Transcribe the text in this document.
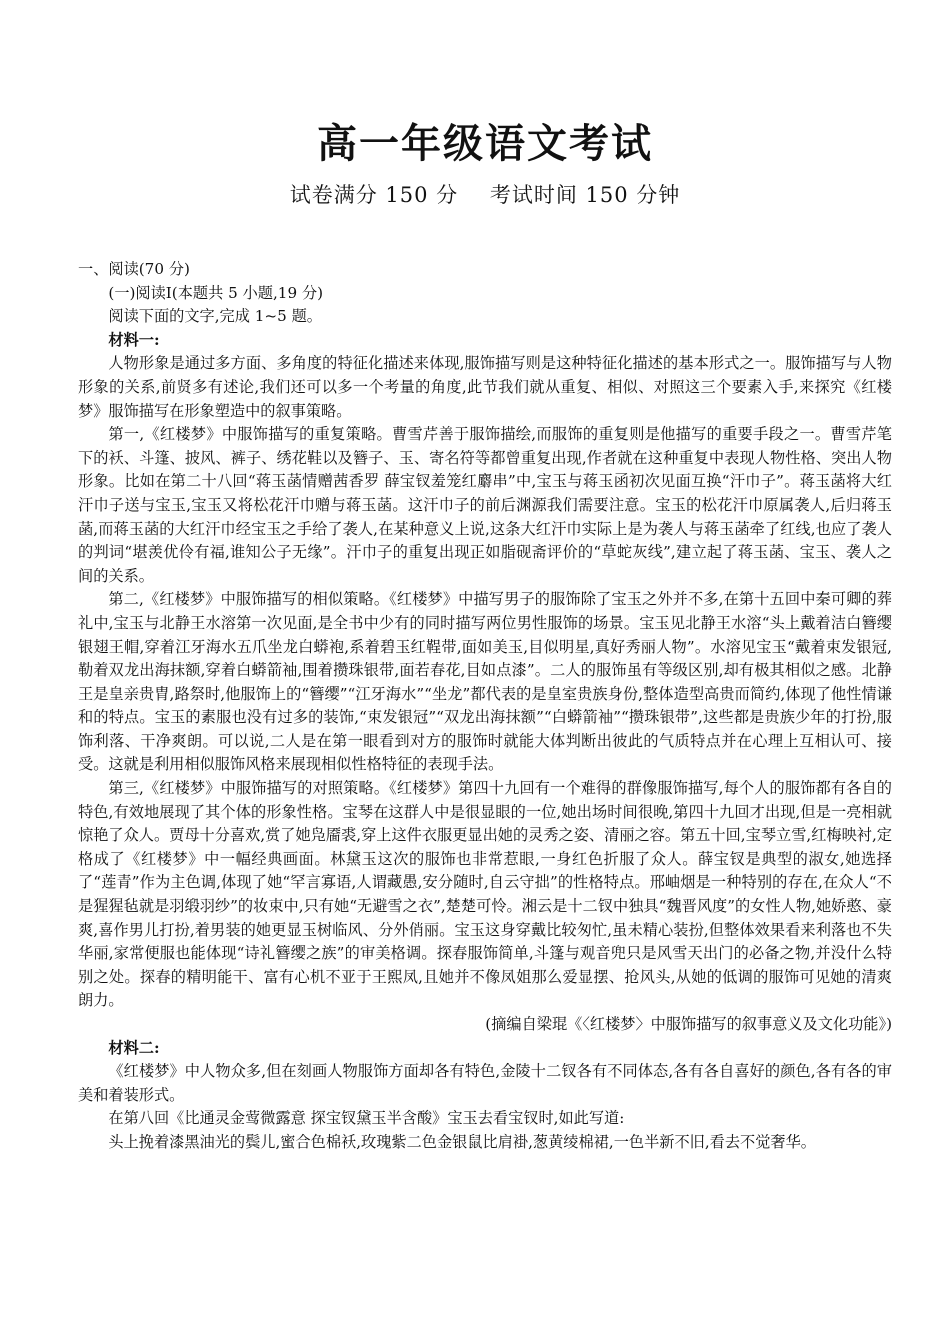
高一年级语文考试
试卷满分 150 分 考试时间 150 分钟

一、阅读(70 分)

(一)阅读Ⅰ(本题共 5 小题,19 分)

阅读下面的文字,完成 1~5 题。

材料一:

人物形象是通过多方面、多角度的特征化描述来体现,服饰描写则是这种特征化描述的基本形式之一。服饰描写与人物形象的关系,前贤多有述论,我们还可以多一个考量的角度,此节我们就从重复、相似、对照这三个要素入手,来探究《红楼梦》服饰描写在形象塑造中的叙事策略。

第一,《红楼梦》中服饰描写的重复策略。曹雪芹善于服饰描绘,而服饰的重复则是他描写的重要手段之一。曹雪芹笔下的袄、斗篷、披风、裤子、绣花鞋以及簪子、玉、寄名符等都曾重复出现,作者就在这种重复中表现人物性格、突出人物形象。比如在第二十八回“蒋玉菡情赠茜香罗 薛宝钗羞笼红麝串”中,宝玉与蒋玉函初次见面互换“汗巾子”。蒋玉菡将大红汗巾子送与宝玉,宝玉又将松花汗巾赠与蒋玉菡。这汗巾子的前后渊源我们需要注意。宝玉的松花汗巾原属袭人,后归蒋玉菡,而蒋玉菡的大红汗巾经宝玉之手给了袭人,在某种意义上说,这条大红汗巾实际上是为袭人与蒋玉菡牵了红线,也应了袭人的判词“堪羡优伶有福,谁知公子无缘”。汗巾子的重复出现正如脂砚斋评价的“草蛇灰线”,建立起了蒋玉菡、宝玉、袭人之间的关系。

第二,《红楼梦》中服饰描写的相似策略。《红楼梦》中描写男子的服饰除了宝玉之外并不多,在第十五回中秦可卿的葬礼中,宝玉与北静王水溶第一次见面,是全书中少有的同时描写两位男性服饰的场景。宝玉见北静王水溶“头上戴着洁白簪缨银翅王帽,穿着江牙海水五爪坐龙白蟒袍,系着碧玉红鞓带,面如美玉,目似明星,真好秀丽人物”。水溶见宝玉“戴着束发银冠,勒着双龙出海抹额,穿着白蟒箭袖,围着攒珠银带,面若春花,目如点漆”。二人的服饰虽有等级区别,却有极其相似之感。北静王是皇亲贵胄,路祭时,他服饰上的“簪缨”“江牙海水”“坐龙”都代表的是皇室贵族身份,整体造型高贵而简约,体现了他性情谦和的特点。宝玉的素服也没有过多的装饰,“束发银冠”“双龙出海抹额”“白蟒箭袖”“攒珠银带”,这些都是贵族少年的打扮,服饰利落、干净爽朗。可以说,二人是在第一眼看到对方的服饰时就能大体判断出彼此的气质特点并在心理上互相认可、接受。这就是利用相似服饰风格来展现相似性格特征的表现手法。

第三,《红楼梦》中服饰描写的对照策略。《红楼梦》第四十九回有一个难得的群像服饰描写,每个人的服饰都有各自的特色,有效地展现了其个体的形象性格。宝琴在这群人中是很显眼的一位,她出场时间很晚,第四十九回才出现,但是一亮相就惊艳了众人。贾母十分喜欢,赏了她凫靥裘,穿上这件衣服更显出她的灵秀之姿、清丽之容。第五十回,宝琴立雪,红梅映衬,定格成了《红楼梦》中一幅经典画面。林黛玉这次的服饰也非常惹眼,一身红色折服了众人。薛宝钗是典型的淑女,她选择了“莲青”作为主色调,体现了她“罕言寡语,人谓藏愚,安分随时,自云守拙”的性格特点。邢岫烟是一种特别的存在,在众人“不是猩猩毡就是羽缎羽纱”的妆束中,只有她“无避雪之衣”,楚楚可怜。湘云是十二钗中独具“魏晋风度”的女性人物,她娇憨、豪爽,喜作男儿打扮,着男装的她更显玉树临风、分外俏丽。宝玉这身穿戴比较匆忙,虽未精心装扮,但整体效果看来利落也不失华丽,家常便服也能体现“诗礼簪缨之族”的审美格调。探春服饰简单,斗篷与观音兜只是风雪天出门的必备之物,并没什么特别之处。探春的精明能干、富有心机不亚于王熙凤,且她并不像凤姐那么爱显摆、抢风头,从她的低调的服饰可见她的清爽朗力。

(摘编自梁琨《〈红楼梦〉中服饰描写的叙事意义及文化功能》)

材料二:

《红楼梦》中人物众多,但在刻画人物服饰方面却各有特色,金陵十二钗各有不同体态,各有各自喜好的颜色,各有各的审美和着装形式。

在第八回《比通灵金莺微露意 探宝钗黛玉半含酸》宝玉去看宝钗时,如此写道:

头上挽着漆黑油光的鬓儿,蜜合色棉袄,玫瑰紫二色金银鼠比肩褂,葱黄绫棉裙,一色半新不旧,看去不觉奢华。
